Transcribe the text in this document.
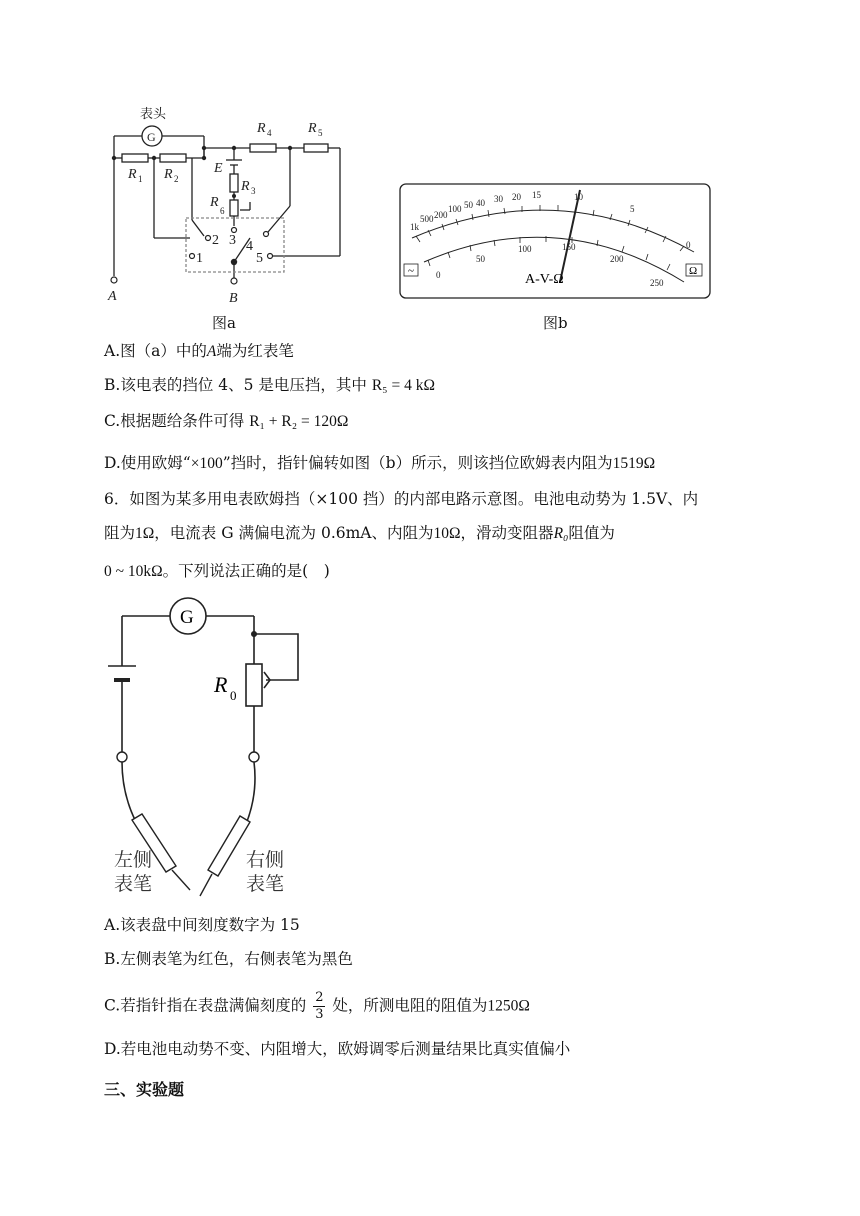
表头
G
R 1 R 2
R 4	R 5
E
R 3
R
6
1
2 3 4
5
A	B
图a
1k
500 200
100 50 40 30 20 15	10
5
0
0
50
100	150
200
250
~	Ω
A-V-Ω
图b
A.图（a）中的A端为红表笔
B.该电表的挡位 4、5 是电压挡，其中 R₅ = 4 kΩ
C.根据题给条件可得 R₁ + R₂ = 120Ω
D.使用欧姆“×100”挡时，指针偏转如图（b）所示，则该挡位欧姆表内阻为1519Ω
6．如图为某多用电表欧姆挡（×100 挡）的内部电路示意图。电池电动势为 1.5V、内
阻为1Ω，电流表 G 满偏电流为 0.6mA、内阻为10Ω，滑动变阻器R₀阻值为
0 ~ 10kΩ。下列说法正确的是(　)
G
R 0
左侧
表笔
右侧
表笔
A.该表盘中间刻度数字为 15
B.左侧表笔为红色，右侧表笔为黑色
C.若指针指在表盘满偏刻度的 $\frac{2}{3}$ 处，所测电阻的阻值为1250Ω
D.若电池电动势不变、内阻增大，欧姆调零后测量结果比真实值偏小
三、实验题
